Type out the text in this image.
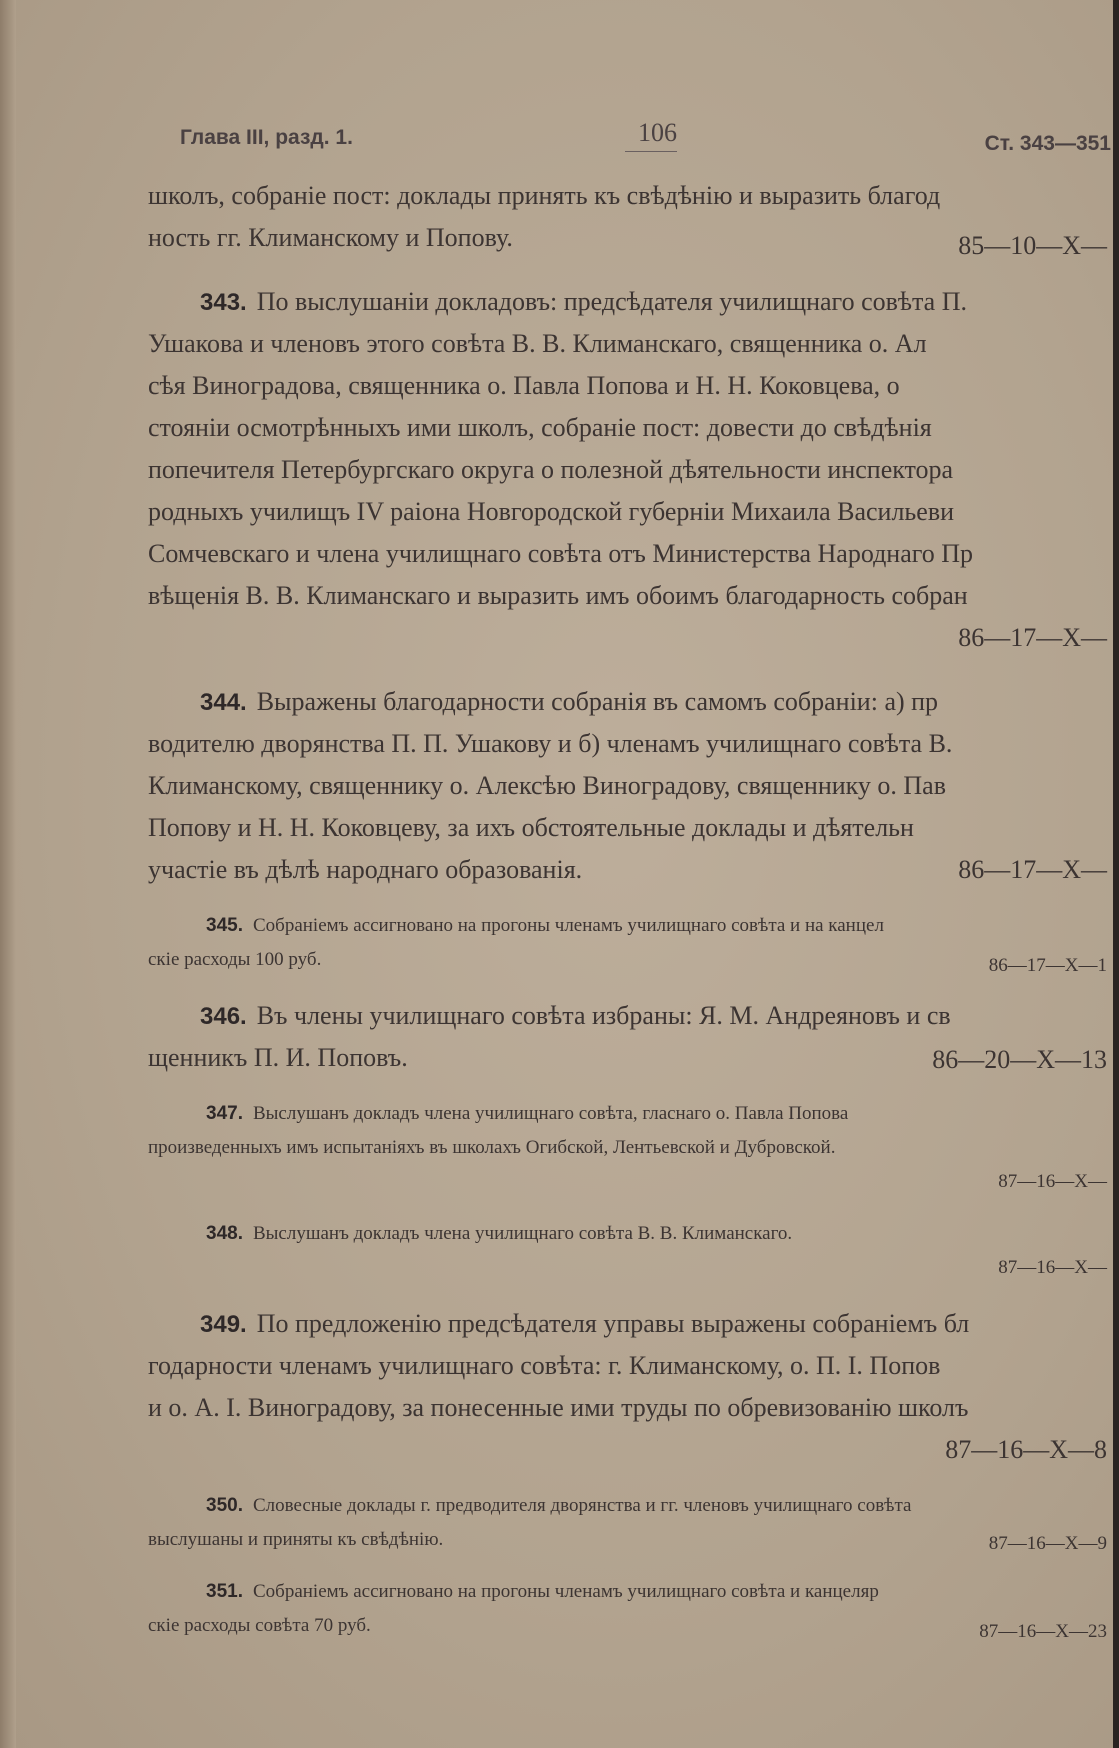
Глава III, разд. 1.	106	Ст. 343—351
школъ, собраніе пост: доклады принять къ свѣдѣнію и выразить благод
ность гг. Климанскому и Попову.	85—10—X—
343. По выслушаніи докладовъ: предсѣдателя училищнаго совѣта П.
Ушакова и членовъ этого совѣта В. В. Климанскаго, священника о. Ал
сѣя Виноградова, священника о. Павла Попова и Н. Н. Коковцева, о
стояніи осмотрѣнныхъ ими школъ, собраніе пост: довести до свѣдѣнія
попечителя Петербургскаго округа о полезной дѣятельности инспектора
родныхъ училищъ IV раіона Новгородской губерніи Михаила Васильеви
Сомчевскаго и члена училищнаго совѣта отъ Министерства Народнаго Пр
вѣщенія В. В. Климанскаго и выразить имъ обоимъ благодарность собран
86—17—X—
344. Выражены благодарности собранія въ самомъ собраніи: а) пр
водителю дворянства П. П. Ушакову и б) членамъ училищнаго совѣта В.
Климанскому, священнику о. Алексѣю Виноградову, священнику о. Пав
Попову и Н. Н. Коковцеву, за ихъ обстоятельные доклады и дѣятельн
участіе въ дѣлѣ народнаго образованія.	86—17—X—
345. Собраніемъ ассигновано на прогоны членамъ училищнаго совѣта и на канцел
скіе расходы 100 руб.	86—17—X—1
346. Въ члены училищнаго совѣта избраны: Я. М. Андреяновъ и св
щенникъ П. И. Поповъ.	86—20—X—13
347. Выслушанъ докладъ члена училищнаго совѣта, гласнаго о. Павла Попова
произведенныхъ имъ испытаніяхъ въ школахъ Огибской, Лентьевской и Дубровской.
87—16—X—
348. Выслушанъ докладъ члена училищнаго совѣта В. В. Климанскаго.
87—16—X—
349. По предложенію предсѣдателя управы выражены собраніемъ бл
годарности членамъ училищнаго совѣта: г. Климанскому, о. П. І. Попов
и о. А. І. Виноградову, за понесенные ими труды по обревизованію школъ
87—16—X—8
350. Словесные доклады г. предводителя дворянства и гг. членовъ училищнаго совѣта
выслушаны и приняты къ свѣдѣнію.	87—16—X—9
351. Собраніемъ ассигновано на прогоны членамъ училищнаго совѣта и канцеляр
скіе расходы совѣта 70 руб.	87—16—X—23
